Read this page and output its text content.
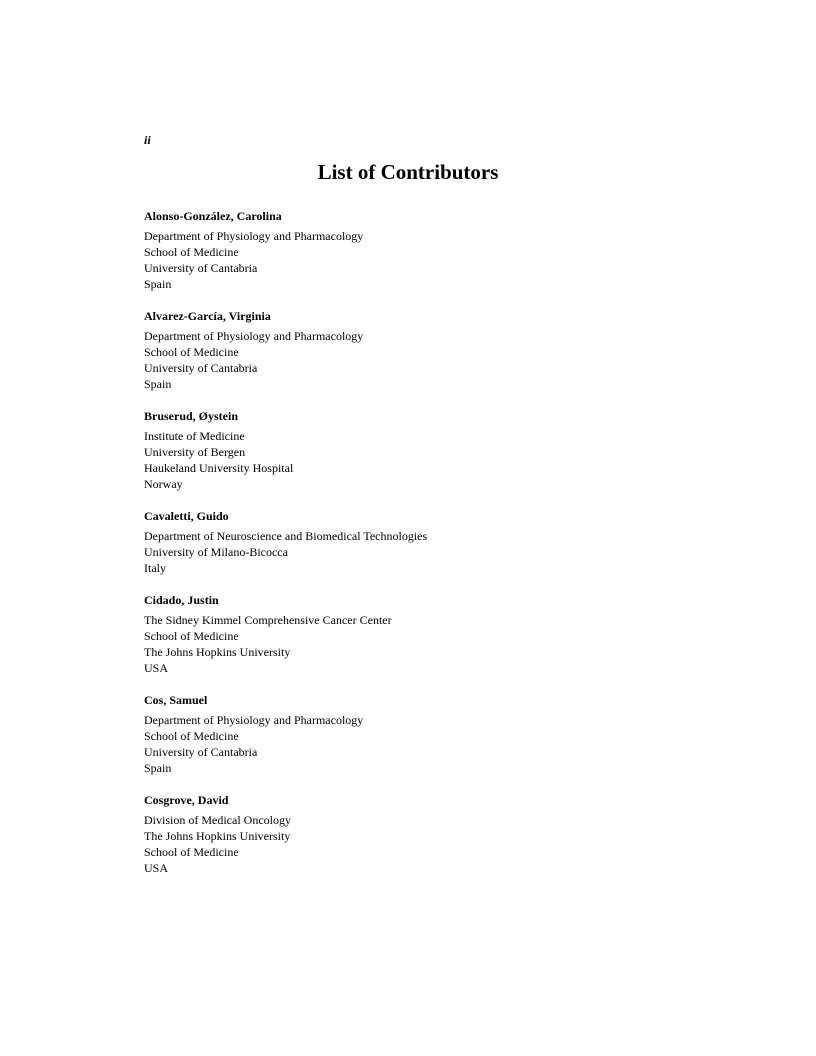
ii
List of Contributors
Alonso-González, Carolina
Department of Physiology and Pharmacology
School of Medicine
University of Cantabria
Spain
Alvarez-García, Virginia
Department of Physiology and Pharmacology
School of Medicine
University of Cantabria
Spain
Bruserud, Øystein
Institute of Medicine
University of Bergen
Haukeland University Hospital
Norway
Cavaletti, Guido
Department of Neuroscience and Biomedical Technologies
University of Milano-Bicocca
Italy
Cidado, Justin
The Sidney Kimmel Comprehensive Cancer Center
School of Medicine
The Johns Hopkins University
USA
Cos, Samuel
Department of Physiology and Pharmacology
School of Medicine
University of Cantabria
Spain
Cosgrove, David
Division of Medical Oncology
The Johns Hopkins University
School of Medicine
USA
